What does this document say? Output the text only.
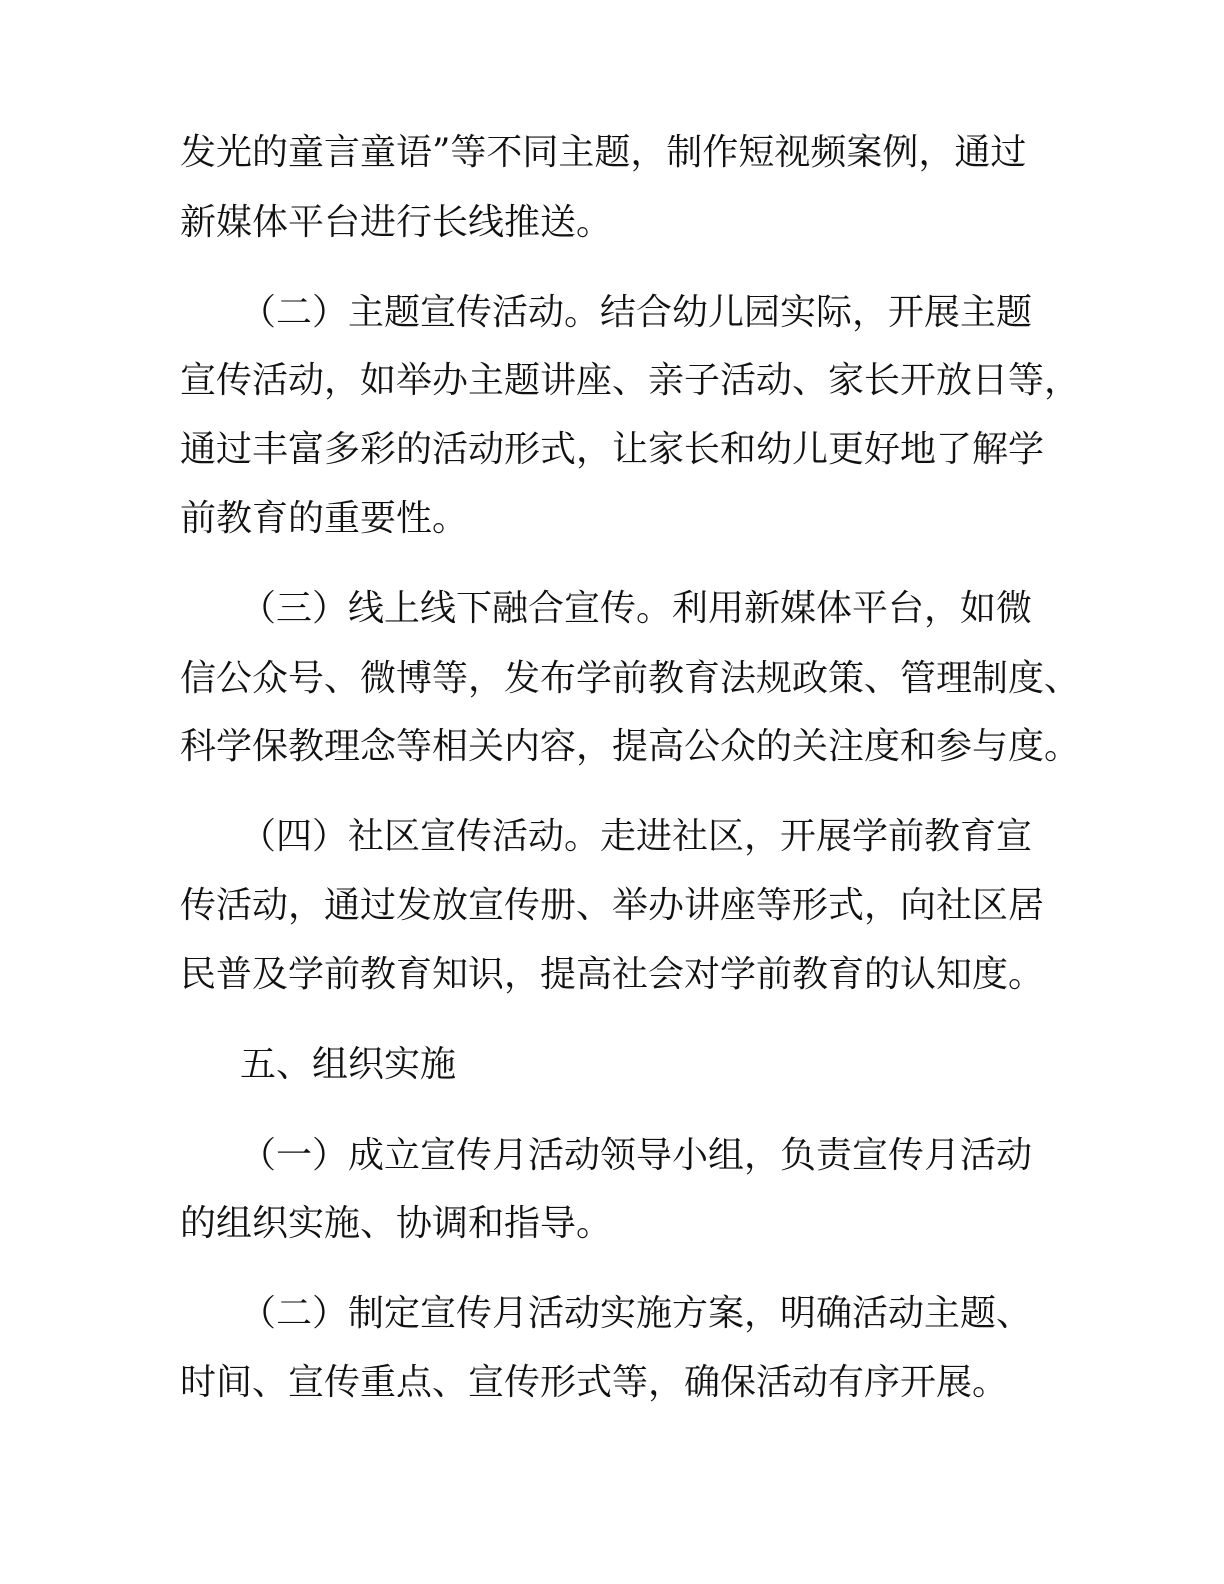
发光的童言童语”等不同主题，制作短视频案例，通过
新媒体平台进行长线推送。
（二）主题宣传活动。结合幼儿园实际，开展主题
宣传活动，如举办主题讲座、亲子活动、家长开放日等，
通过丰富多彩的活动形式，让家长和幼儿更好地了解学
前教育的重要性。
（三）线上线下融合宣传。利用新媒体平台，如微
信公众号、微博等，发布学前教育法规政策、管理制度、
科学保教理念等相关内容，提高公众的关注度和参与度。
（四）社区宣传活动。走进社区，开展学前教育宣
传活动，通过发放宣传册、举办讲座等形式，向社区居
民普及学前教育知识，提高社会对学前教育的认知度。
五、组织实施
（一）成立宣传月活动领导小组，负责宣传月活动
的组织实施、协调和指导。
（二）制定宣传月活动实施方案，明确活动主题、
时间、宣传重点、宣传形式等，确保活动有序开展。
